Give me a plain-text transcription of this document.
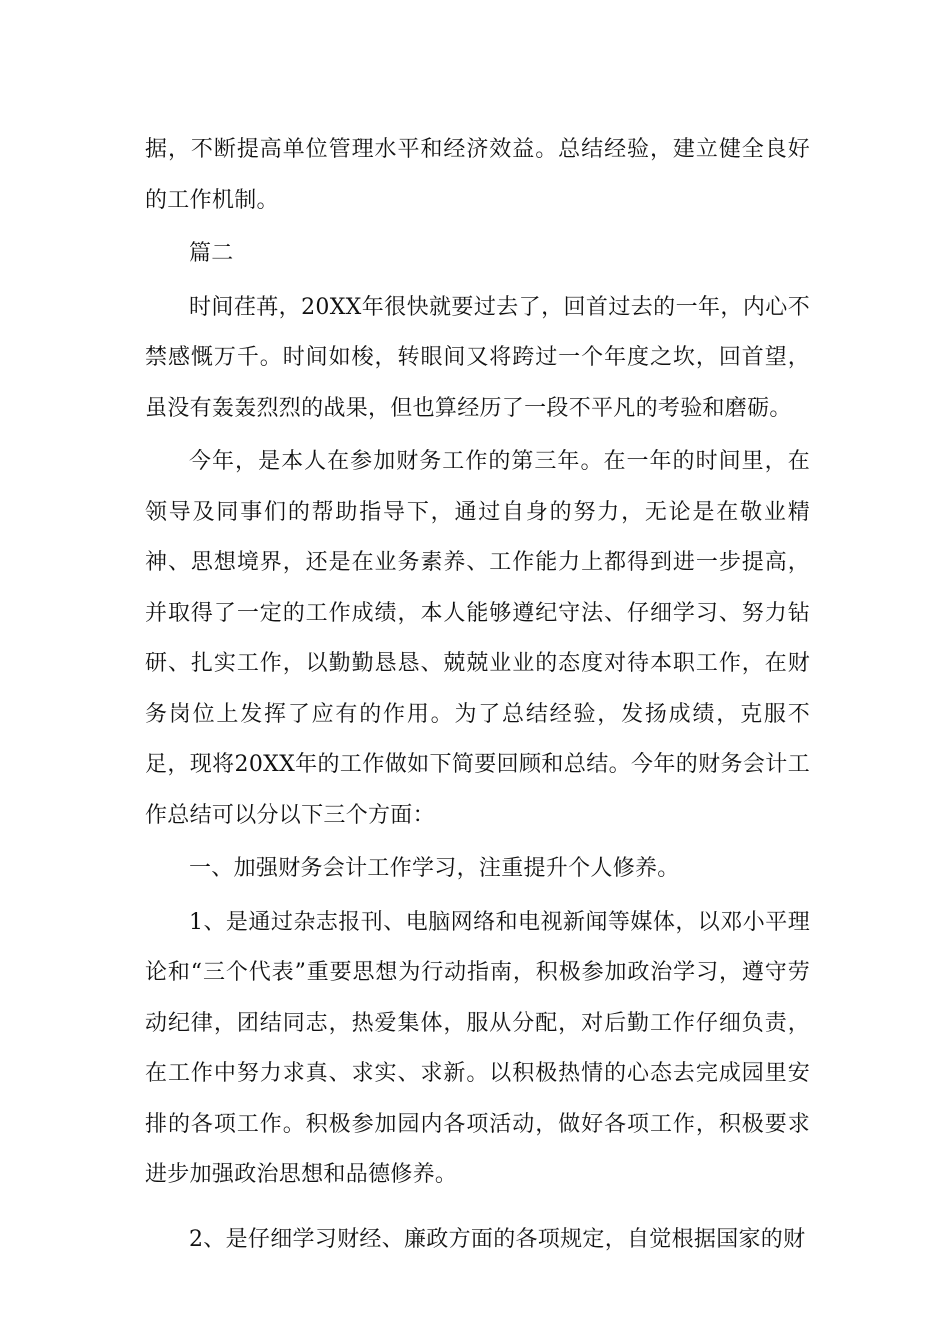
据，不断提高单位管理水平和经济效益。总结经验，建立健全良好的工作机制。

篇二

时间荏苒，20XX年很快就要过去了，回首过去的一年，内心不禁感慨万千。时间如梭，转眼间又将跨过一个年度之坎，回首望，虽没有轰轰烈烈的战果，但也算经历了一段不平凡的考验和磨砺。

今年，是本人在参加财务工作的第三年。在一年的时间里，在领导及同事们的帮助指导下，通过自身的努力，无论是在敬业精神、思想境界，还是在业务素养、工作能力上都得到进一步提高，并取得了一定的工作成绩，本人能够遵纪守法、仔细学习、努力钻研、扎实工作，以勤勤恳恳、兢兢业业的态度对待本职工作，在财务岗位上发挥了应有的作用。为了总结经验，发扬成绩，克服不足，现将20XX年的工作做如下简要回顾和总结。今年的财务会计工作总结可以分以下三个方面：

一、加强财务会计工作学习，注重提升个人修养。

1、是通过杂志报刊、电脑网络和电视新闻等媒体，以邓小平理论和“三个代表”重要思想为行动指南，积极参加政治学习，遵守劳动纪律，团结同志，热爱集体，服从分配，对后勤工作仔细负责，在工作中努力求真、求实、求新。以积极热情的心态去完成园里安排的各项工作。积极参加园内各项活动，做好各项工作，积极要求进步加强政治思想和品德修养。

2、是仔细学习财经、廉政方面的各项规定，自觉根据国家的财
